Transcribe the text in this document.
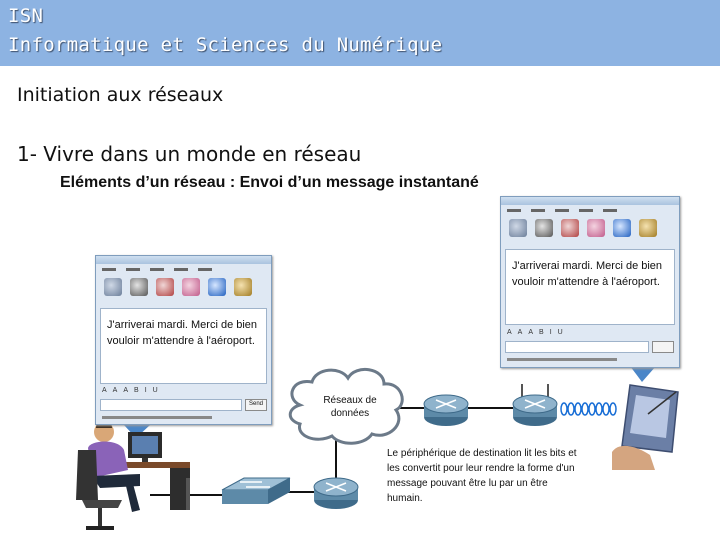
ISN
Informatique et Sciences du Numérique
Initiation aux réseaux
1- Vivre dans un monde en réseau
Eléments d’un réseau : Envoi d’un message instantané
J'arriverai mardi. Merci de bien
vouloir m'attendre à l'aéroport.
A A A B I U
Send
J'arriverai mardi. Merci de bien
vouloir m'attendre à l'aéroport.
A A A B I U
Réseaux de
données
Le périphérique de destination lit les bits et
les convertit pour leur rendre la forme d'un
message pouvant être lu par un être
humain.
